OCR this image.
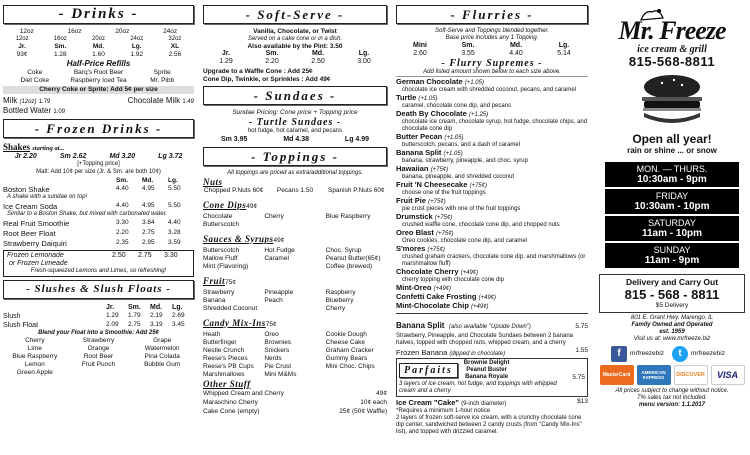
- Drinks -
12oz	16oz	20oz	24oz
12oz	16oz	20oz	24oz	32oz
Jr.	Sm.	Md.	Lg.	XL
93¢	1.28	1.60	1.92	2.56
Half-Price Refills
Coke	Barq's Root Beer	Sprite
Diet Coke	Raspberry Iced Tea	Mr. Pibb
Cherry Coke or Sprite: Add 5¢ per size
Milk (12oz) 1.79	Chocolate Milk 1.49
Bottled Water 1.09
- Frozen Drinks -
Shakes starting at...
Jr 2.20	Sm 2.62	Md 3.20	Lg 3.72
[+Topping price]
Malt: Add 10¢ per size (Jr. & Sm. are both 10¢)
Sm.	Md.	Lg.
Boston Shake	4.40	4.95	5.50
A shake with a sundae on top!
Ice Cream Soda	4.40	4.95	5.50
Similar to a Boston Shake, but mixed with carbonated water.
Real Fruit Smoothie	3.30	3.84	4.40
Root Beer Float	2.20	2.75	3.28
Strawberry Daiquiri	2.35	2.95	3.59
Frozen Lemonade
or Frozen Limeade
2.50	2.75	3.30
Fresh-squeezed Lemons and Limes, so refreshing!
- Slushes & Slush Floats -
Jr.	Sm.	Md.	Lg.
Slush	1.29	1.79	2.19	2.69
Slush Float	2.09	2.75	3.19	3.45
Blend your Float into a Smoothie: Add 25¢
Cherry	Strawberry	Grape
Lime	Orange	Watermelon
Blue Raspberry	Root Beer	Pina Colada
Lemon	Fruit Punch	Bubble Gum
Green Apple
- Soft-Serve -
Vanilla, Chocolate, or Twist
Served on a cake cone or in a dish.
Also available by the Pint: 3.50
Jr.	Sm.	Md.	Lg.
1.29	2.20	2.50	3.00
Upgrade to a Waffle Cone : Add 25¢
Cone Dip, Twinkle, or Sprinkles : Add 49¢
- Sundaes -
Sundae Pricing: Cone price + Topping price
- Turtle Sundaes -
hot fudge, hot caramel, and pecans
Sm 3.95	Md 4.38	Lg 4.99
- Toppings -
All toppings are priced as extra/additional toppings.
Nuts
Chopped P.Nuts 60¢	Pecans 1.50	Spanish P.Nuts 60¢
Cone Dips49¢
Chocolate	Cherry	Blue Raspberry
Butterscotch
Sauces & Syrups49¢
Butterscotch	Hot Fudge	Choc. Syrup
Mallow Fluff	Caramel	Peanut Butter(65¢)
Mint (Flavoring)	Coffee (brewed)
Fruit75¢
Strawberry	Pineapple	Raspberry
Banana	Peach	Blueberry
Shredded Coconut	Cherry
Candy Mix-Ins75¢
Heath	Oreo	Cookie Dough
Butterfinger	Brownies	Cheese Cake
Nestle Crunch	Snickers	Graham Cracker
Reese's Pieces	Nerds	Gummy Bears
Reese's PB Cups	Pie Crust	Mini Choc. Chips
Marshmallows	Mini M&Ms
Other Stuff
Whipped Cream and Cherry	49¢
Maraschino Cherry	10¢ each
Cake Cone (empty)	25¢ (50¢ Waffle)
- Flurries -
Soft-Serve and Toppings blended together.
Base price includes any 1 Topping.
Mini	Sm.	Md.	Lg.
2.60	3.55	4.40	5.14
- Flurry Supremes -
Add listed amount shown below to each size above.
German Chocolate (+1.05)
chocolate ice cream with shredded coconut, pecans, and caramel
Turtle (+1.05)
caramel, chocolate cone dip, and pecans
Death By Chocolate (+1.25)
chocolate ice cream, chocolate syrup, hot fudge, chocolate chips, and chocolate cone dip
Butter Pecan (+1.05)
butterscotch, pecans, and a dash of caramel
Banana Split (+1.05)
banana, strawberry, pineapple, and choc. syrup
Hawaiian (+75¢)
banana, pineapple, and shredded coconut
Fruit 'N Cheesecake (+75¢)
choose one of the fruit toppings
Fruit Pie (+75¢)
pie crust pieces with one of the fruit toppings
Drumstick (+75¢)
crushed waffle cone, chocolate cone dip, and chopped nuts
Oreo Blast (+75¢)
Oreo cookies, chocolate cone dip, and caramel
S'mores (+75¢)
crushed graham crackers, chocolate cone dip, and marshmallows (or marshmallow fluff)
Chocolate Cherry (+49¢)
cherry topping with chocolate cone dip
Mint-Oreo (+49¢)
Confetti Cake Frosting (+49¢)
Mint-Chocolate Chip (+49¢)
Banana Split (also available "Upside Down")
Strawberry, Pineapple, and Chocolate Sundaes between 2 banana halves, topped with chopped nuts, whipped cream, and a cherry
5.75
Frozen Banana (dipped in chocolate)	1.55
Parfaits
Brownie Delight
Peanut Buster
Banana Royale
3 layers of ice cream, hot fudge, and toppings with whipped cream and a cherry
5.75
Ice Cream "Cake" (9-inch diameter)	$13
*Requires a minimum 1-hour notice
2 layers of frozen soft-serve ice cream, with a crunchy chocolate cone dip center, sandwiched between 2 candy crusts (from "Candy Mix-Ins" list), and topped with drizzled caramel.
Mr. Freeze
ice cream & grill
815-568-8811
Open all year!
rain or shine ... or snow
MON. — THURS.
10:30am - 9pm
FRIDAY
10:30am - 10pm
SATURDAY
11am - 10pm
SUNDAY
11am - 9pm
Delivery and Carry Out
815 - 568 - 8811
$5 Delivery
801 E. Grant Hwy, Marengo, IL
Family Owned and Operated
est. 1959
Visit us at: www.mrfreeze.biz
f	mrfreezebiz	t	mrfreezebiz
MasterCard	AMERICAN EXPRESS	DISCOVER	VISA
All prices subject to change without notice.
7% sales tax not included.
menu version: 1.1.2017
